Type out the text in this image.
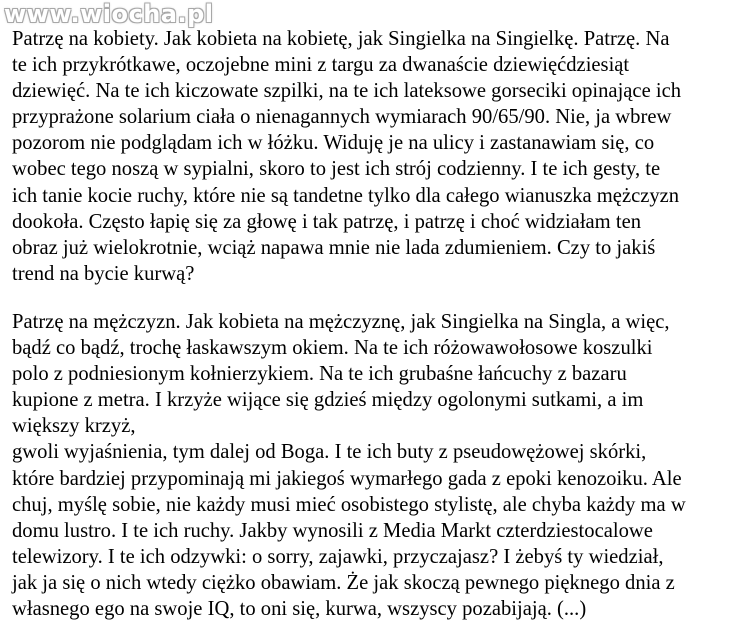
Patrzę na kobiety. Jak kobieta na kobietę, jak Singielka na Singielkę. Patrzę. Na
te ich przykrótkawe, oczojebne mini z targu za dwanaście dziewięćdziesiąt
dziewięć. Na te ich kiczowate szpilki, na te ich lateksowe gorseciki opinające ich
przyprażone solarium ciała o nienagannych wymiarach 90/65/90. Nie, ja wbrew
pozorom nie podglądam ich w łóżku. Widuję je na ulicy i zastanawiam się, co
wobec tego noszą w sypialni, skoro to jest ich strój codzienny. I te ich gesty, te
ich tanie kocie ruchy, które nie są tandetne tylko dla całego wianuszka mężczyzn
dookoła. Często łapię się za głowę i tak patrzę, i patrzę i choć widziałam ten
obraz już wielokrotnie, wciąż napawa mnie nie lada zdumieniem. Czy to jakiś
trend na bycie kurwą?

Patrzę na mężczyzn. Jak kobieta na mężczyznę, jak Singielka na Singla, a więc,
bądź co bądź, trochę łaskawszym okiem. Na te ich różowawołosowe koszulki
polo z podniesionym kołnierzykiem. Na te ich grubaśne łańcuchy z bazaru
kupione z metra. I krzyże wijące się gdzieś między ogolonymi sutkami, a im
większy krzyż,
gwoli wyjaśnienia, tym dalej od Boga. I te ich buty z pseudowężowej skórki,
które bardziej przypominają mi jakiegoś wymarłego gada z epoki kenozoiku. Ale
chuj, myślę sobie, nie każdy musi mieć osobistego stylistę, ale chyba każdy ma w
domu lustro. I te ich ruchy. Jakby wynosili z Media Markt czterdziestocalowe
telewizory. I te ich odzywki: o sorry, zajawki, przyczajasz? I żebyś ty wiedział,
jak ja się o nich wtedy ciężko obawiam. Że jak skoczą pewnego pięknego dnia z
własnego ego na swoje IQ, to oni się, kurwa, wszyscy pozabijają. (...)

www.wiocha.pl
